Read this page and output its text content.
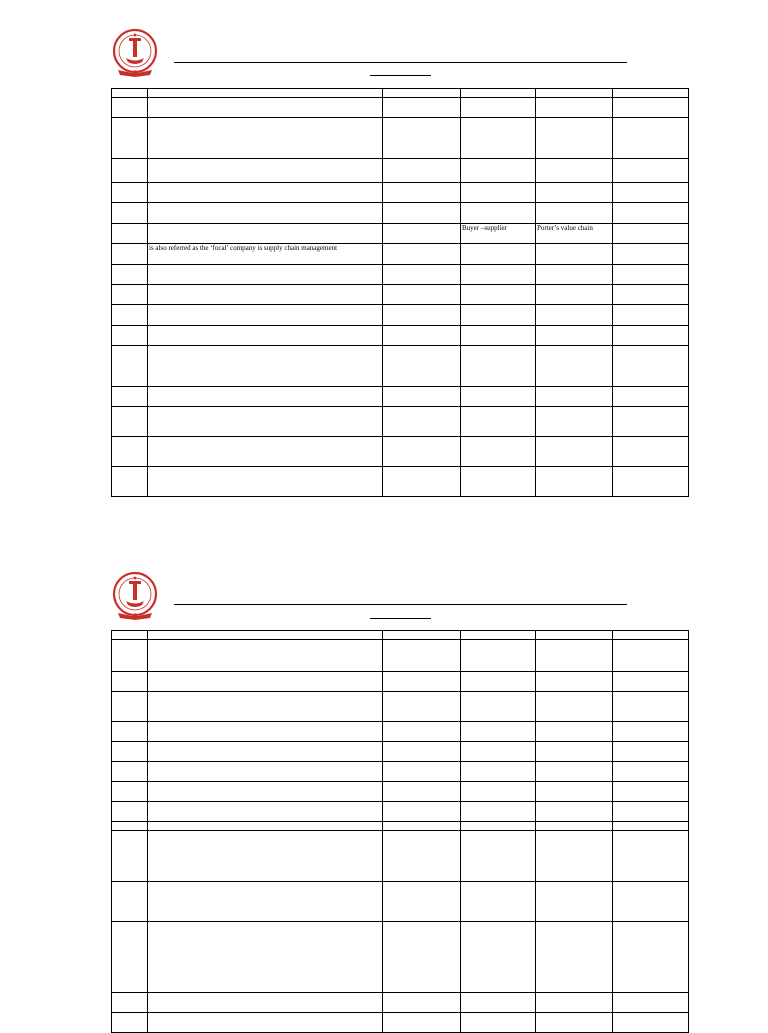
			Buyer –supplier	Porter’s value chain	
	is also referred as the ‘focal’ company is supply chain management				
